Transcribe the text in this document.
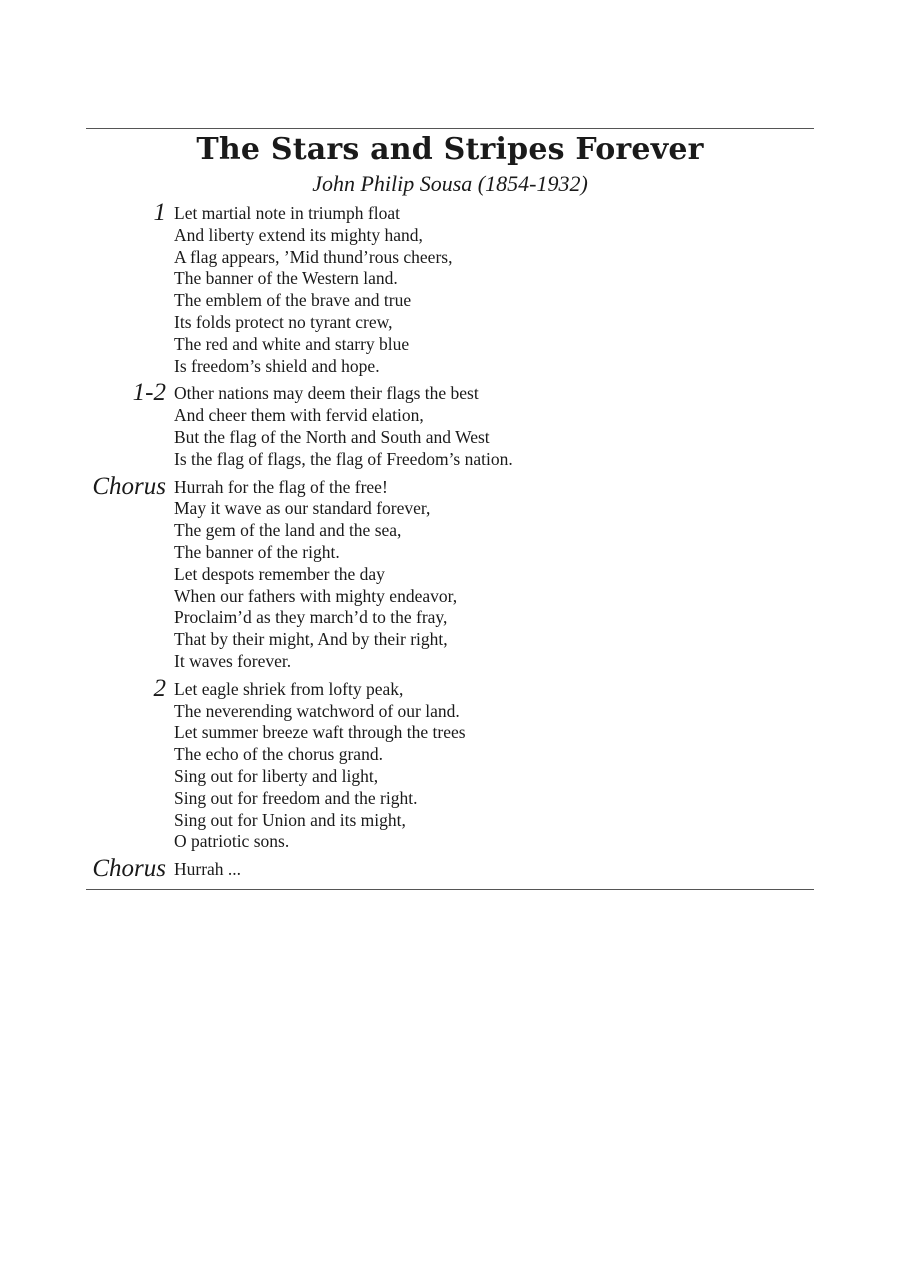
The Stars and Stripes Forever
John Philip Sousa (1854-1932)
1 Let martial note in triumph float
And liberty extend its mighty hand,
A flag appears, ’Mid thund’rous cheers,
The banner of the Western land.
The emblem of the brave and true
Its folds protect no tyrant crew,
The red and white and starry blue
Is freedom’s shield and hope.
1-2 Other nations may deem their flags the best
And cheer them with fervid elation,
But the flag of the North and South and West
Is the flag of flags, the flag of Freedom’s nation.
Chorus Hurrah for the flag of the free!
May it wave as our standard forever,
The gem of the land and the sea,
The banner of the right.
Let despots remember the day
When our fathers with mighty endeavor,
Proclaim’d as they march’d to the fray,
That by their might, And by their right,
It waves forever.
2 Let eagle shriek from lofty peak,
The neverending watchword of our land.
Let summer breeze waft through the trees
The echo of the chorus grand.
Sing out for liberty and light,
Sing out for freedom and the right.
Sing out for Union and its might,
O patriotic sons.
Chorus Hurrah ...
